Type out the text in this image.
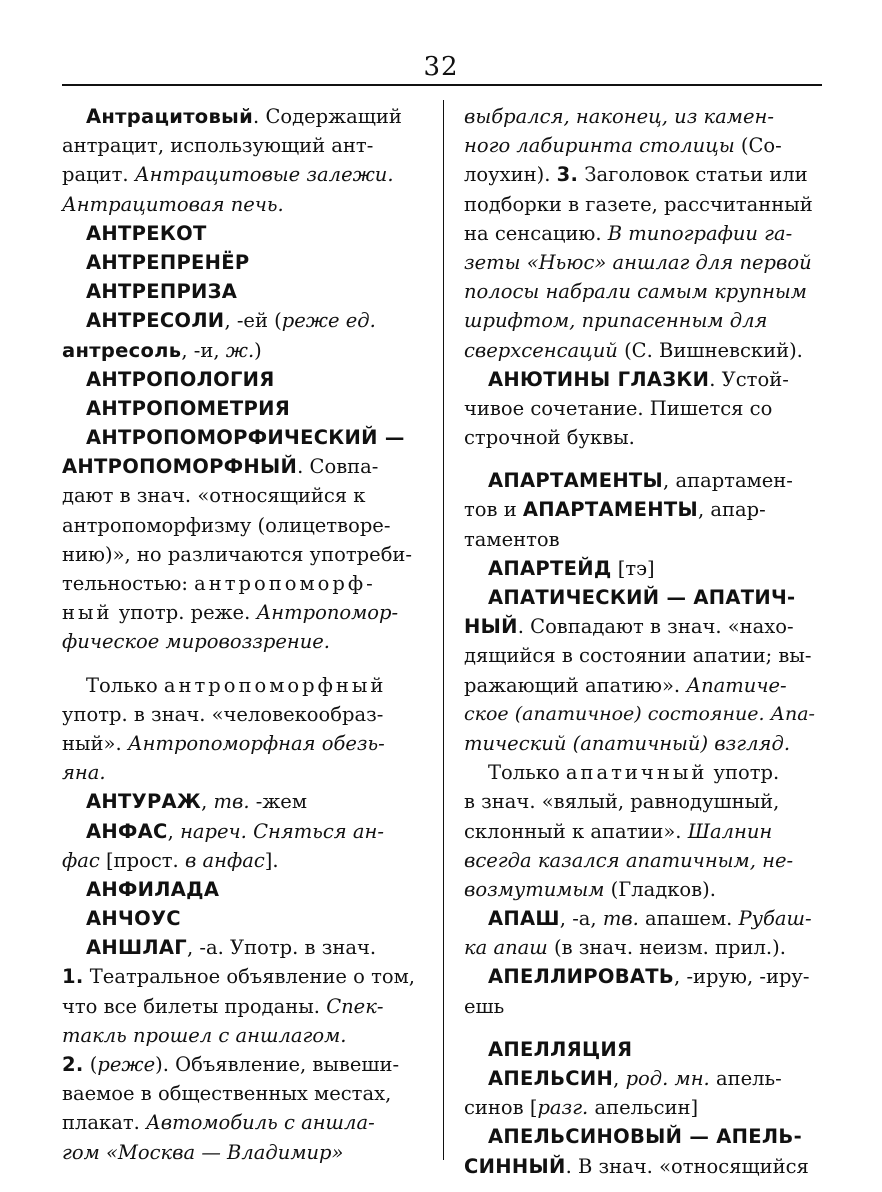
32
Антрацитовый. Содержащий
антрацит, использующий ант-
рацит. Антрацитовые залежи.
Антрацитовая печь.
АНТРЕКОТ
АНТРЕПРЕНЁР
АНТРЕПРИЗА
АНТРЕСОЛИ, -ей (реже ед.
антресоль, -и, ж.)
АНТРОПОЛОГИЯ
АНТРОПОМЕТРИЯ
АНТРОПОМОРФИЧЕСКИЙ —
АНТРОПОМОРФНЫЙ. Совпа-
дают в знач. «относящийся к
антропоморфизму (олицетворе-
нию)», но различаются употреби-
тельностью: антропоморф-
ный употр. реже. Антропомор-
фическое мировоззрение.
Только антропоморфный
употр. в знач. «человекообраз-
ный». Антропоморфная обезь-
яна.
АНТУРАЖ, тв. -жем
АНФАС, нареч. Сняться ан-
фас [прост. в анфас].
АНФИЛАДА
АНЧОУС
АНШЛАГ, -а. Употр. в знач.
1. Театральное объявление о том,
что все билеты проданы. Спек-
такль прошел с аншлагом.
2. (реже). Объявление, вывеши-
ваемое в общественных местах,
плакат. Автомобиль с аншла-
гом «Москва — Владимир»
выбрался, наконец, из камен-
ного лабиринта столицы (Со-
лоухин). 3. Заголовок статьи или
подборки в газете, рассчитанный
на сенсацию. В типографии га-
зеты «Ньюс» аншлаг для первой
полосы набрали самым крупным
шрифтом, припасенным для
сверхсенсаций (С. Вишневский).
АНЮТИНЫ ГЛАЗКИ. Устой-
чивое сочетание. Пишется со
строчной буквы.
АПАРТАМЕНТЫ, апартамен-
тов и АПАРТАМЕНТЫ, апар-
таментов
АПАРТЕЙД [тэ]
АПАТИЧЕСКИЙ — АПАТИЧ-
НЫЙ. Совпадают в знач. «нахо-
дящийся в состоянии апатии; вы-
ражающий апатию». Апатиче-
ское (апатичное) состояние. Апа-
тический (апатичный) взгляд.
Только апатичный употр.
в знач. «вялый, равнодушный,
склонный к апатии». Шалнин
всегда казался апатичным, не-
возмутимым (Гладков).
АПАШ, -а, тв. апашем. Рубаш-
ка апаш (в знач. неизм. прил.).
АПЕЛЛИРОВАТЬ, -ирую, -иру-
ешь
АПЕЛЛЯЦИЯ
АПЕЛЬСИН, род. мн. апель-
синов [разг. апельсин]
АПЕЛЬСИНОВЫЙ — АПЕЛЬ-
СИННЫЙ. В знач. «относящийся
